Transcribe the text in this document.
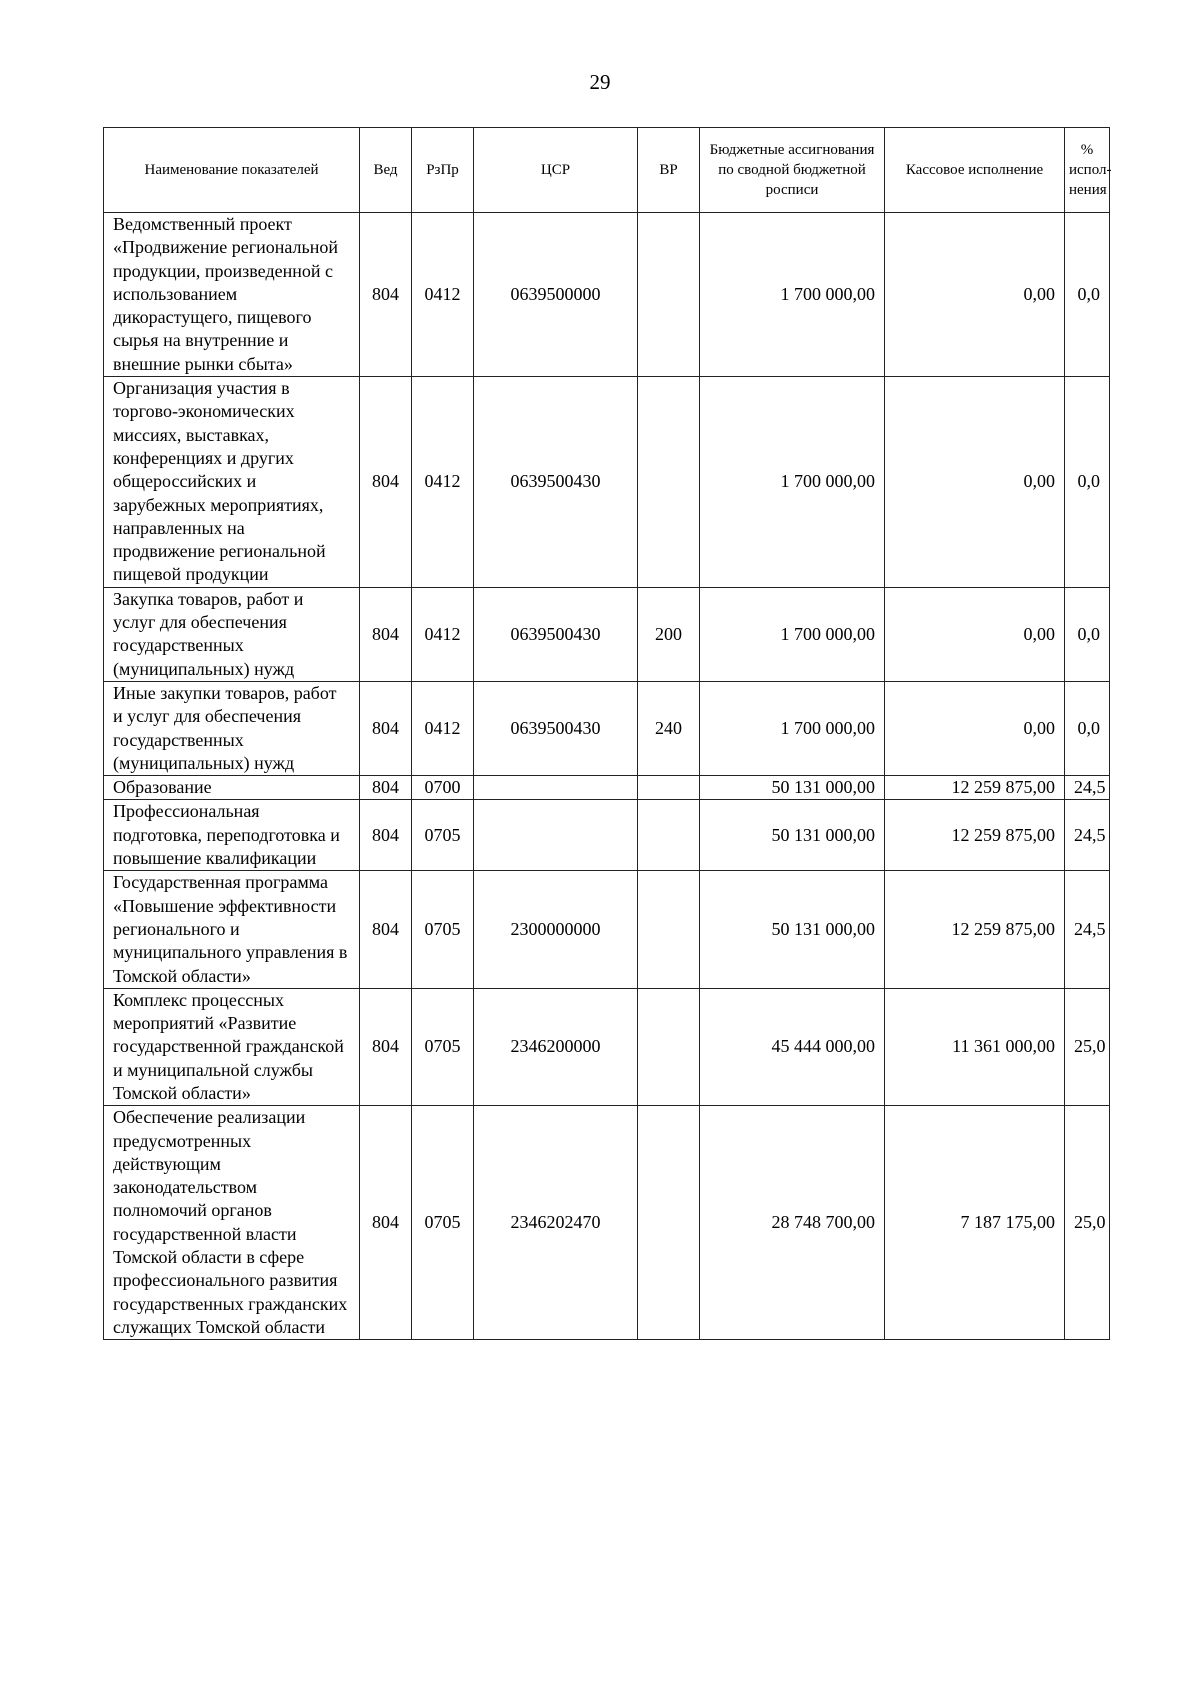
29
Наименование показателей	Вед	РзПр	ЦСР	ВР	Бюджетные ассигнования по сводной бюджетной росписи	Кассовое исполнение	% испол-нения
Ведомственный проект «Продвижение региональной продукции, произведенной с использованием дикорастущего, пищевого сырья на внутренние и внешние рынки сбыта»	804	0412	0639500000		1 700 000,00	0,00	0,0
Организация участия в торгово-экономических миссиях, выставках, конференциях и других общероссийских и зарубежных мероприятиях, направленных на продвижение региональной пищевой продукции	804	0412	0639500430		1 700 000,00	0,00	0,0
Закупка товаров, работ и услуг для обеспечения государственных (муниципальных) нужд	804	0412	0639500430	200	1 700 000,00	0,00	0,0
Иные закупки товаров, работ и услуг для обеспечения государственных (муниципальных) нужд	804	0412	0639500430	240	1 700 000,00	0,00	0,0
Образование	804	0700			50 131 000,00	12 259 875,00	24,5
Профессиональная подготовка, переподготовка и повышение квалификации	804	0705			50 131 000,00	12 259 875,00	24,5
Государственная программа «Повышение эффективности регионального и муниципального управления в Томской области»	804	0705	2300000000		50 131 000,00	12 259 875,00	24,5
Комплекс процессных мероприятий «Развитие государственной гражданской и муниципальной службы Томской области»	804	0705	2346200000		45 444 000,00	11 361 000,00	25,0
Обеспечение реализации предусмотренных действующим законодательством полномочий органов государственной власти Томской области в сфере профессионального развития государственных гражданских служащих Томской области	804	0705	2346202470		28 748 700,00	7 187 175,00	25,0
